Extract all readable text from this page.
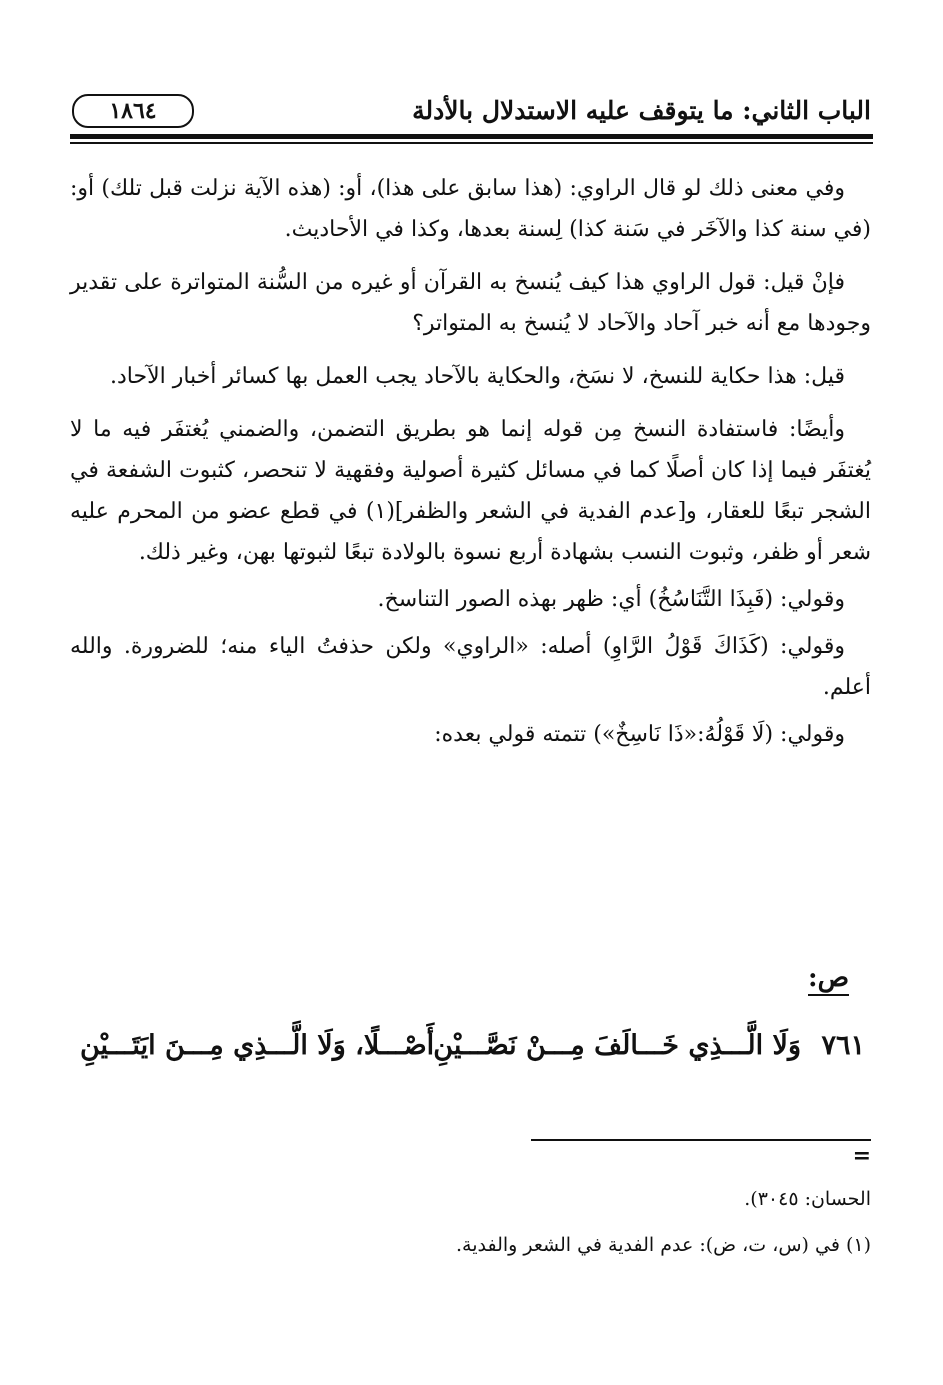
الباب الثاني: ما يتوقف عليه الاستدلال بالأدلة
١٨٦٤

وفي معنى ذلك لو قال الراوي: (هذا سابق على هذا)، أو: (هذه الآية نزلت قبل تلك) أو: (في سنة كذا والآخَر في سَنة كذا) لِسنة بعدها، وكذا في الأحاديث.

فإنْ قيل: قول الراوي هذا كيف يُنسخ به القرآن أو غيره من السُّنة المتواترة على تقدير وجودها مع أنه خبر آحاد والآحاد لا يُنسخ به المتواتر؟

قيل: هذا حكاية للنسخ، لا نسَخ، والحكاية بالآحاد يجب العمل بها كسائر أخبار الآحاد.

وأيضًا: فاستفادة النسخ مِن قوله إنما هو بطريق التضمن، والضمني يُغتفَر فيه ما لا يُغتفَر فيما إذا كان أصلًا كما في مسائل كثيرة أصولية وفقهية لا تنحصر، كثبوت الشفعة في الشجر تبعًا للعقار، و[عدم الفدية في الشعر والظفر](١) في قطع عضو من المحرم عليه شعر أو ظفر، وثبوت النسب بشهادة أربع نسوة بالولادة تبعًا لثبوتها بهن، وغير ذلك.

وقولي: (فَبِذَا التَّنَاسُخُ) أي: ظهر بهذه الصور التناسخ.

وقولي: (كَذَاكَ قَوْلُ الرَّاوِ) أصله: «الراوي» ولكن حذفتُ الياء منه؛ للضرورة. والله أعلم.

وقولي: (لَا قَوْلُهُ:«ذَا نَاسِخٌ») تتمته قولي بعده:

ص:
٧٦١
وَلَا الَّـــذِي خَـــالَفَ مِـــنْ نَصَّـــيْنِ
أَصْـــلًا، وَلَا الَّـــذِي مِـــنَ ايَتَـــيْنِ
=
الحسان: ٣٠٤٥).
(١) في (س، ت، ض): عدم الفدية في الشعر والفدية.
